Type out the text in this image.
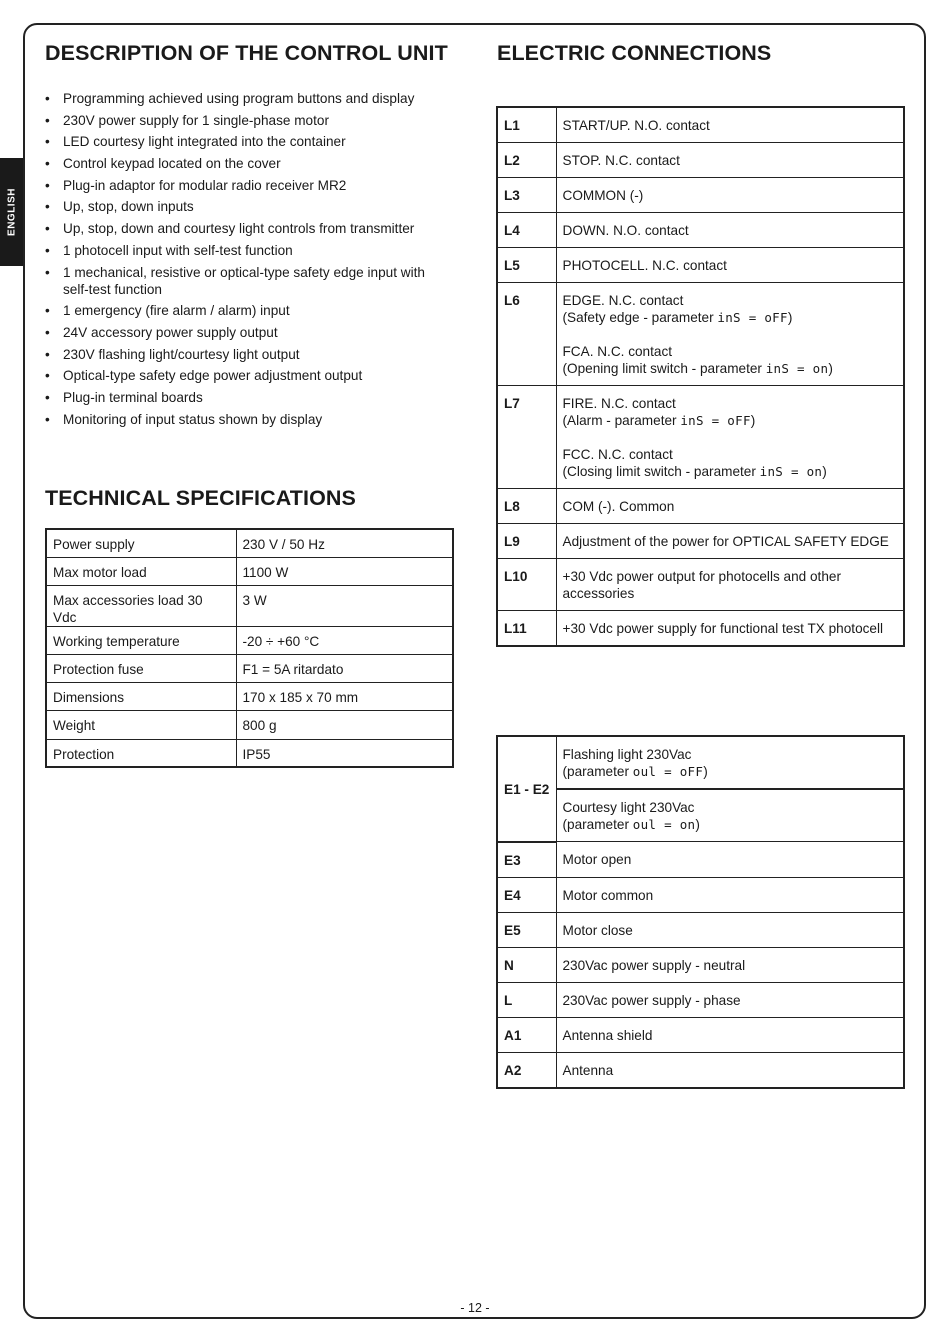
ENGLISH
DESCRIPTION OF THE CONTROL UNIT
• Programming achieved using program buttons and display
• 230V power supply for 1 single-phase motor
• LED courtesy light integrated into the container
• Control keypad located on the cover
• Plug-in adaptor for modular radio receiver MR2
• Up, stop, down inputs
• Up, stop, down and courtesy light controls from transmitter
• 1 photocell input with self-test function
• 1 mechanical, resistive or optical-type safety edge input with self-test function
• 1 emergency (fire alarm / alarm) input
• 24V accessory power supply output
• 230V flashing light/courtesy light output
• Optical-type safety edge power adjustment output
• Plug-in terminal boards
• Monitoring of input status shown by display
TECHNICAL SPECIFICATIONS
Power supply	230 V / 50 Hz
Max motor load	1100 W
Max accessories load 30 Vdc	3 W
Working temperature	-20 ÷ +60 °C
Protection fuse	F1 = 5A ritardato
Dimensions	170 x 185 x 70 mm
Weight	800 g
Protection	IP55
ELECTRIC CONNECTIONS
L1	START/UP. N.O. contact
L2	STOP. N.C. contact
L3	COMMON (-)
L4	DOWN. N.O. contact
L5	PHOTOCELL. N.C. contact
L6	EDGE. N.C. contact
(Safety edge - parameter inS = oFF)
FCA. N.C. contact
(Opening limit switch - parameter inS = on)

L7	FIRE. N.C. contact
(Alarm - parameter inS = oFF)
FCC. N.C. contact
(Closing limit switch - parameter inS = on)

L8	COM (-). Common
L9	Adjustment of the power for OPTICAL SAFETY EDGE
L10	+30 Vdc power output for photocells and other accessories
L11	+30 Vdc power supply for functional test TX photocell
E1 - E2	Flashing light 230Vac
(parameter oul = oFF)

	Courtesy light 230Vac
(parameter oul = on)

E3	Motor open
E4	Motor common
E5	Motor close
N	230Vac power supply - neutral
L	230Vac power supply - phase
A1	Antenna shield
A2	Antenna
- 12 -
